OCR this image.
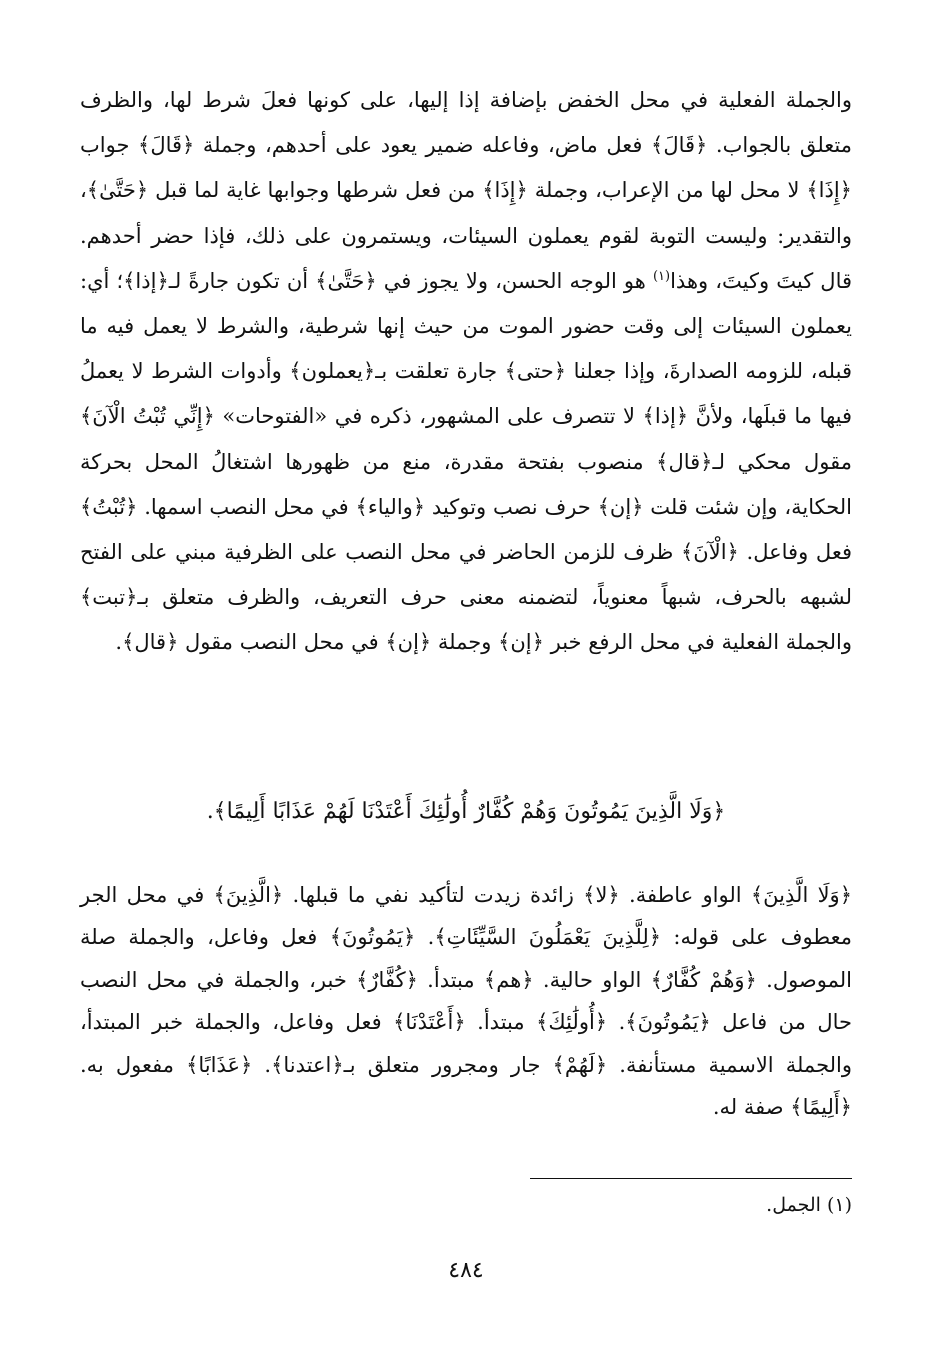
والجملة الفعلية في محل الخفض بإضافة إذا إليها، على كونها فعلَ شرط لها، والظرف متعلق بالجواب. ﴿قَالَ﴾ فعل ماض، وفاعله ضمير يعود على أحدهم، وجملة ﴿قَالَ﴾ جواب ﴿إِذَا﴾ لا محل لها من الإعراب، وجملة ﴿إِذَا﴾ من فعل شرطها وجوابها غاية لما قبل ﴿حَتَّىٰ﴾، والتقدير: وليست التوبة لقوم يعملون السيئات، ويستمرون على ذلك، فإذا حضر أحدهم. قال كيتَ وكيتَ، وهذا$^{(١)}$ هو الوجه الحسن، ولا يجوز في ﴿حَتَّىٰ﴾ أن تكون جارةً لـ﴿إذا﴾؛ أي: يعملون السيئات إلى وقت حضور الموت من حيث إنها شرطية، والشرط لا يعمل فيه ما قبله، للزومه الصدارةَ، وإذا جعلنا ﴿حتى﴾ جارة تعلقت بـ﴿يعملون﴾ وأدوات الشرط لا يعملُ فيها ما قبلَها، ولأنَّ ﴿إذا﴾ لا تتصرف على المشهور، ذكره في «الفتوحات» ﴿إِنِّي تُبْتُ الْآنَ﴾ مقول محكي لـ﴿قال﴾ منصوب بفتحة مقدرة، منع من ظهورها اشتغالُ المحل بحركة الحكاية، وإن شئت قلت ﴿إن﴾ حرف نصب وتوكيد ﴿والياء﴾ في محل النصب اسمها. ﴿تُبْتُ﴾ فعل وفاعل. ﴿الْآنَ﴾ ظرف للزمن الحاضر في محل النصب على الظرفية مبني على الفتح لشبهه بالحرف، شبهاً معنوياً، لتضمنه معنى حرف التعريف، والظرف متعلق بـ﴿تبت﴾ والجملة الفعلية في محل الرفع خبر ﴿إن﴾ وجملة ﴿إن﴾ في محل النصب مقول ﴿قال﴾.

﴿وَلَا الَّذِينَ يَمُوتُونَ وَهُمْ كُفَّارٌ أُولَٰئِكَ أَعْتَدْنَا لَهُمْ عَذَابًا أَلِيمًا﴾.

﴿وَلَا الَّذِينَ﴾ الواو عاطفة. ﴿لا﴾ زائدة زيدت لتأكيد نفي ما قبلها. ﴿الَّذِينَ﴾ في محل الجر معطوف على قوله: ﴿لِلَّذِينَ يَعْمَلُونَ السَّيِّئَاتِ﴾. ﴿يَمُوتُونَ﴾ فعل وفاعل، والجملة صلة الموصول. ﴿وَهُمْ كُفَّارٌ﴾ الواو حالية. ﴿هم﴾ مبتدأ. ﴿كُفَّارٌ﴾ خبر، والجملة في محل النصب حال من فاعل ﴿يَمُوتُونَ﴾. ﴿أُولَٰئِكَ﴾ مبتدأ. ﴿أَعْتَدْنَا﴾ فعل وفاعل، والجملة خبر المبتدأ، والجملة الاسمية مستأنفة. ﴿لَهُمْ﴾ جار ومجرور متعلق بـ﴿اعتدنا﴾. ﴿عَذَابًا﴾ مفعول به. ﴿أَلِيمًا﴾ صفة له.

(١) الجمل.
٤٨٤
